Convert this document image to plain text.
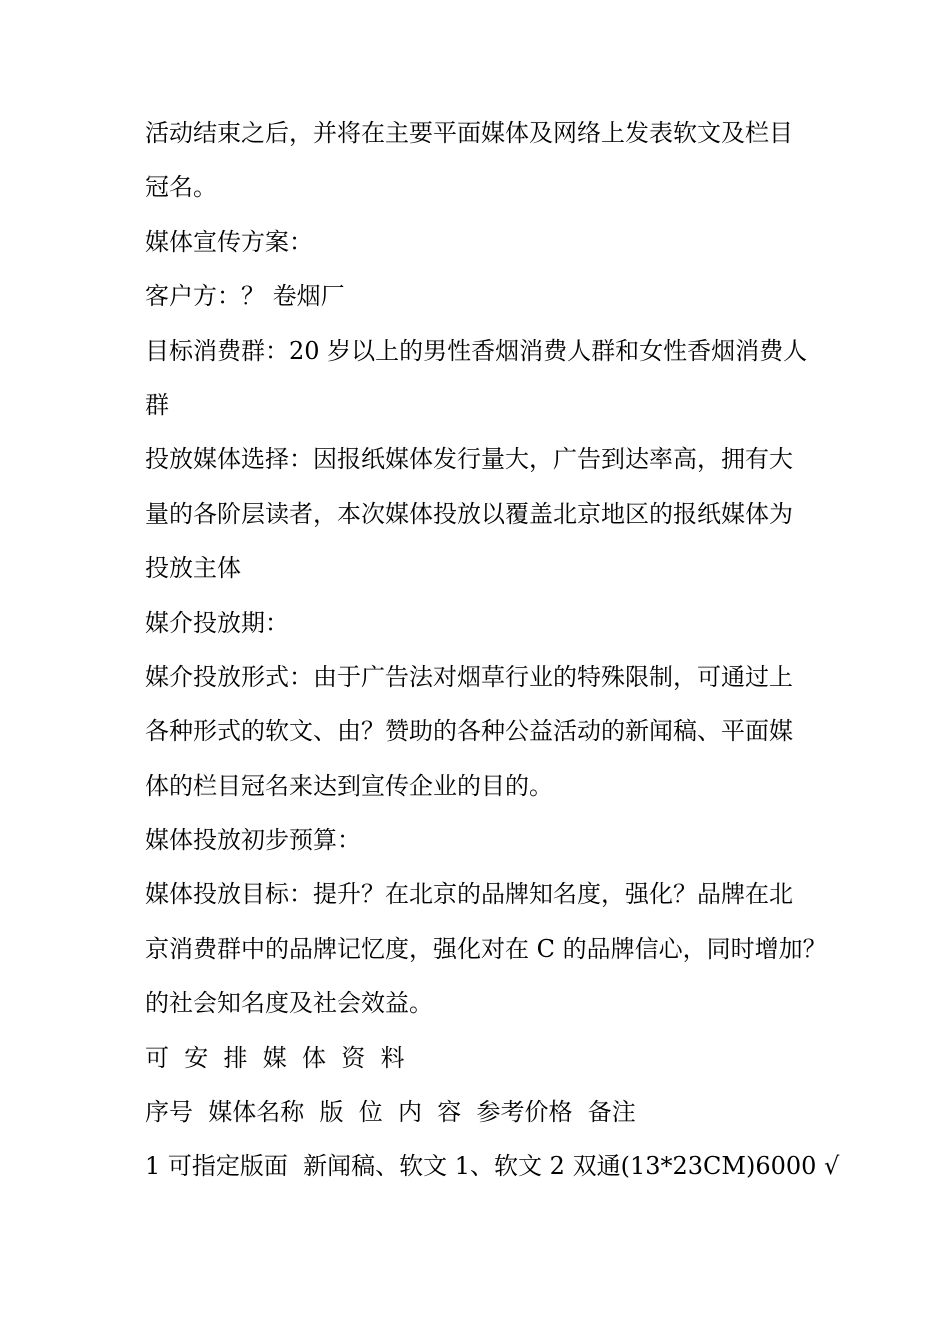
活动结束之后，并将在主要平面媒体及网络上发表软文及栏目
冠名。
媒体宣传方案：
客户方：？ 卷烟厂
目标消费群：20 岁以上的男性香烟消费人群和女性香烟消费人
群
投放媒体选择：因报纸媒体发行量大，广告到达率高，拥有大
量的各阶层读者，本次媒体投放以覆盖北京地区的报纸媒体为
投放主体
媒介投放期：
媒介投放形式：由于广告法对烟草行业的特殊限制，可通过上
各种形式的软文、由？赞助的各种公益活动的新闻稿、平面媒
体的栏目冠名来达到宣传企业的目的。
媒体投放初步预算：
媒体投放目标：提升？在北京的品牌知名度，强化？品牌在北
京消费群中的品牌记忆度，强化对在 C 的品牌信心，同时增加？
的社会知名度及社会效益。
可  安  排  媒  体  资  料
序号  媒体名称  版  位  内  容  参考价格  备注
1 可指定版面  新闻稿、软文 1、软文 2 双通(13*23CM)6000 √
